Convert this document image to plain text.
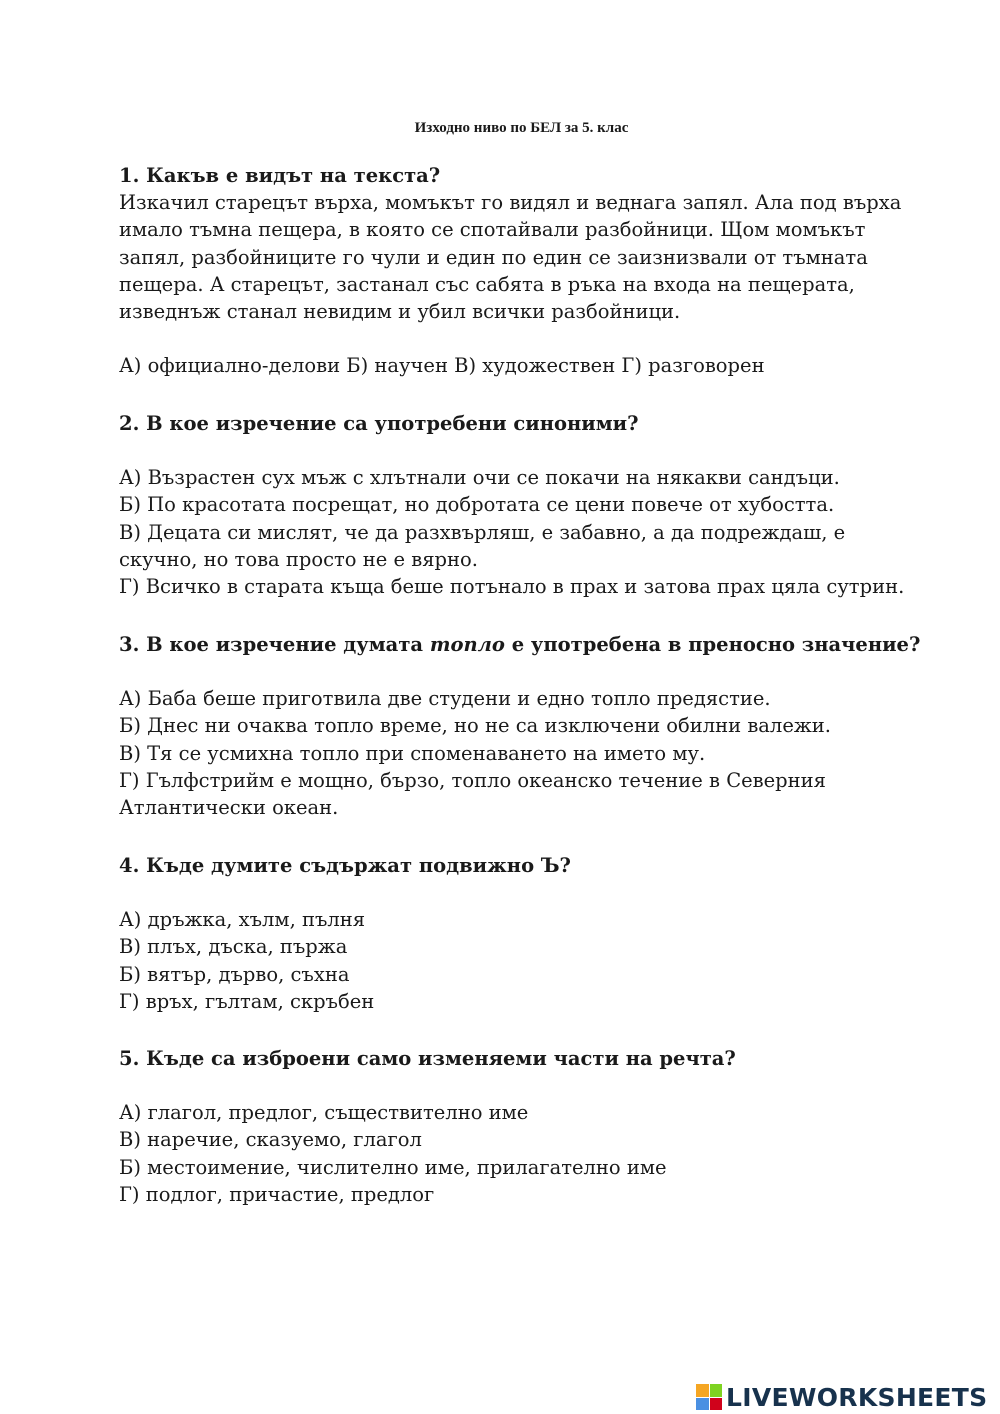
Изходно ниво по БЕЛ за 5. клас

1. Какъв е видът на текста?

Изкачил старецът върха, момъкът го видял и веднага запял. Ала под върха
имало тъмна пещера, в която се спотайвали разбойници. Щом момъкът
запял, разбойниците го чули и един по един се заизнизвали от тъмната
пещера. А старецът, застанал със сабята в ръка на входа на пещерата,
изведнъж станал невидим и убил всички разбойници.

А) официално-делови Б) научен В) художествен Г) разговорен

2. В кое изречение са употребени синоними?

А) Възрастен сух мъж с хлътнали очи се покачи на някакви сандъци.
Б) По красотата посрещат, но добротата се цени повече от хубостта.
В) Децата си мислят, че да разхвърляш, е забавно, а да подреждаш, е
скучно, но това просто не е вярно.
Г) Всичко в старата къща беше потънало в прах и затова прах цяла сутрин.

3. В кое изречение думата топло е употребена в преносно значение?

А) Баба беше приготвила две студени и едно топло предястие.
Б) Днес ни очаква топло време, но не са изключени обилни валежи.
В) Тя се усмихна топло при споменаването на името му.
Г) Гълфстрийм е мощно, бързо, топло океанско течение в Северния
Атлантически океан.

4. Къде думите съдържат подвижно Ъ?

А) дръжка, хълм, пълня
В) плъх, дъска, пържа
Б) вятър, дърво, съхна
Г) връх, гълтам, скръбен

5. Къде са изброени само изменяеми части на речта?

А) глагол, предлог, съществително име
В) наречие, сказуемо, глагол
Б) местоимение, числително име, прилагателно име
Г) подлог, причастие, предлог
LIVEWORKSHEETS
